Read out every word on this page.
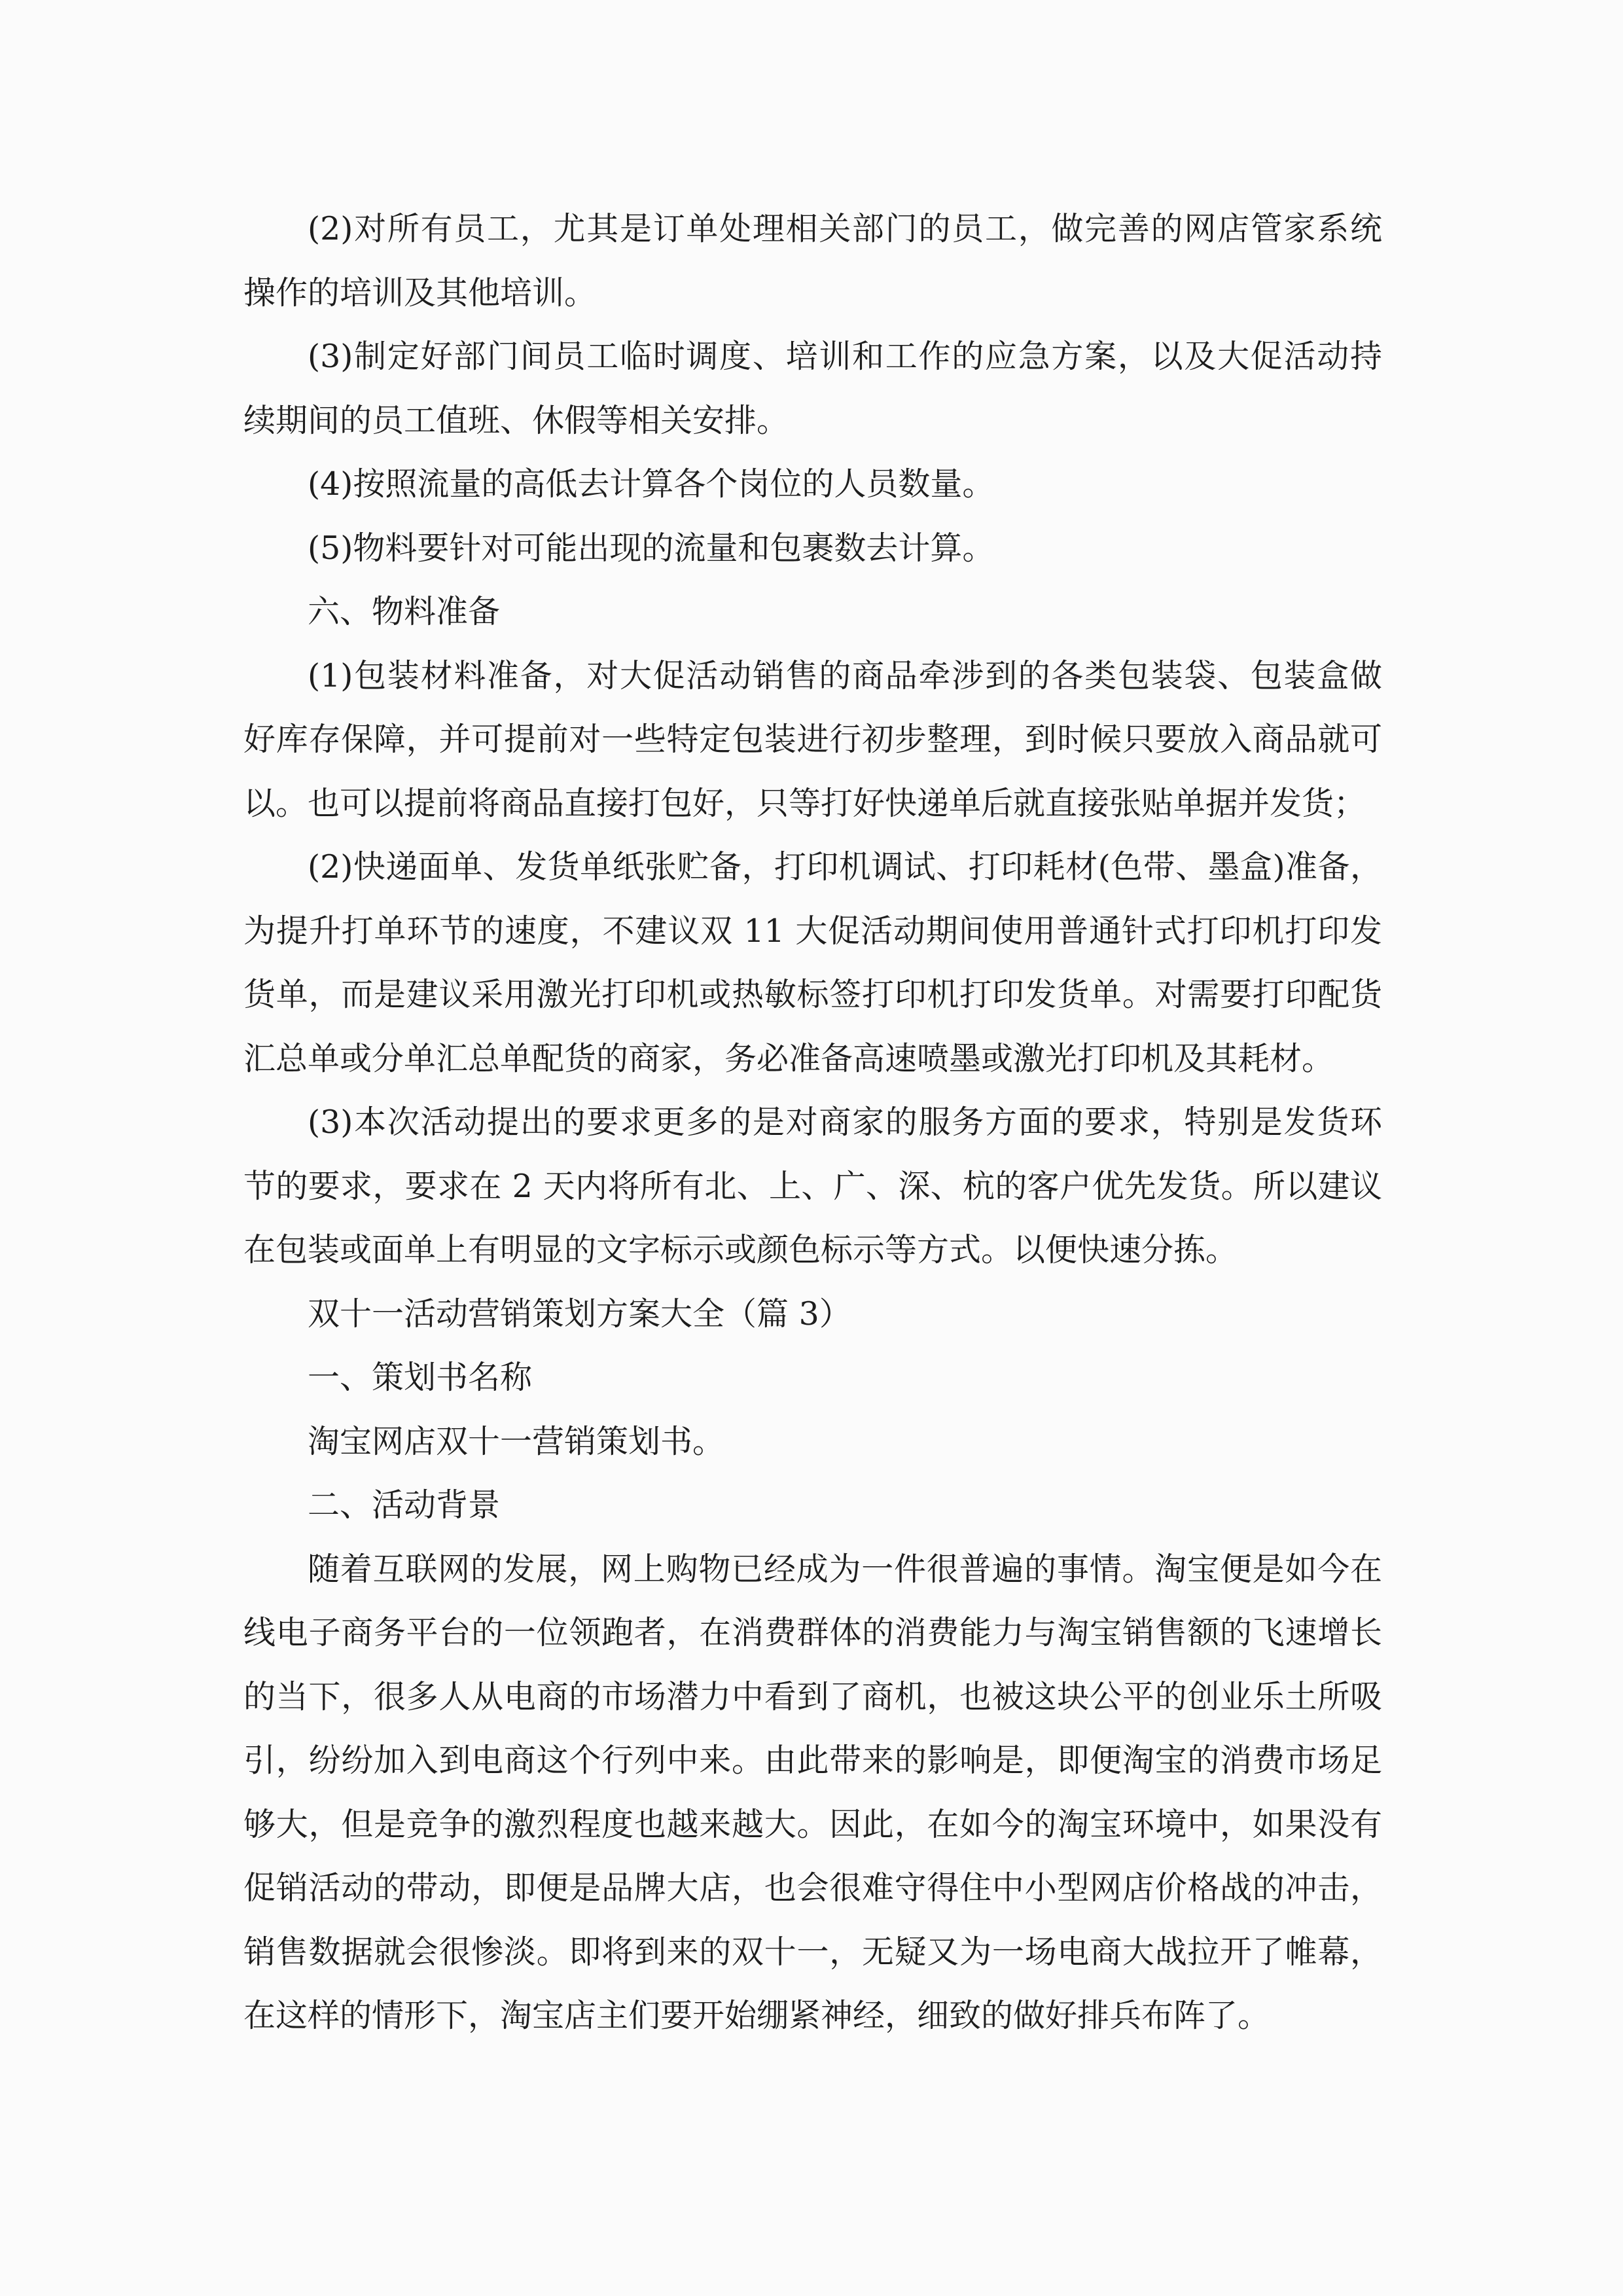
(2)对所有员工，尤其是订单处理相关部门的员工，做完善的网店管家系统
操作的培训及其他培训。
(3)制定好部门间员工临时调度、培训和工作的应急方案，以及大促活动持
续期间的员工值班、休假等相关安排。
(4)按照流量的高低去计算各个岗位的人员数量。
(5)物料要针对可能出现的流量和包裹数去计算。
六、物料准备
(1)包装材料准备，对大促活动销售的商品牵涉到的各类包装袋、包装盒做
好库存保障，并可提前对一些特定包装进行初步整理，到时候只要放入商品就可
以。也可以提前将商品直接打包好，只等打好快递单后就直接张贴单据并发货；
(2)快递面单、发货单纸张贮备，打印机调试、打印耗材(色带、墨盒)准备，
为提升打单环节的速度，不建议双 11 大促活动期间使用普通针式打印机打印发
货单，而是建议采用激光打印机或热敏标签打印机打印发货单。对需要打印配货
汇总单或分单汇总单配货的商家，务必准备高速喷墨或激光打印机及其耗材。
(3)本次活动提出的要求更多的是对商家的服务方面的要求，特别是发货环
节的要求，要求在 2 天内将所有北、上、广、深、杭的客户优先发货。所以建议
在包装或面单上有明显的文字标示或颜色标示等方式。以便快速分拣。
双十一活动营销策划方案大全（篇 3）
一、策划书名称
淘宝网店双十一营销策划书。
二、活动背景
随着互联网的发展，网上购物已经成为一件很普遍的事情。淘宝便是如今在
线电子商务平台的一位领跑者，在消费群体的消费能力与淘宝销售额的飞速增长
的当下，很多人从电商的市场潜力中看到了商机，也被这块公平的创业乐土所吸
引，纷纷加入到电商这个行列中来。由此带来的影响是，即便淘宝的消费市场足
够大，但是竞争的激烈程度也越来越大。因此，在如今的淘宝环境中，如果没有
促销活动的带动，即便是品牌大店，也会很难守得住中小型网店价格战的冲击，
销售数据就会很惨淡。即将到来的双十一，无疑又为一场电商大战拉开了帷幕，
在这样的情形下，淘宝店主们要开始绷紧神经，细致的做好排兵布阵了。
